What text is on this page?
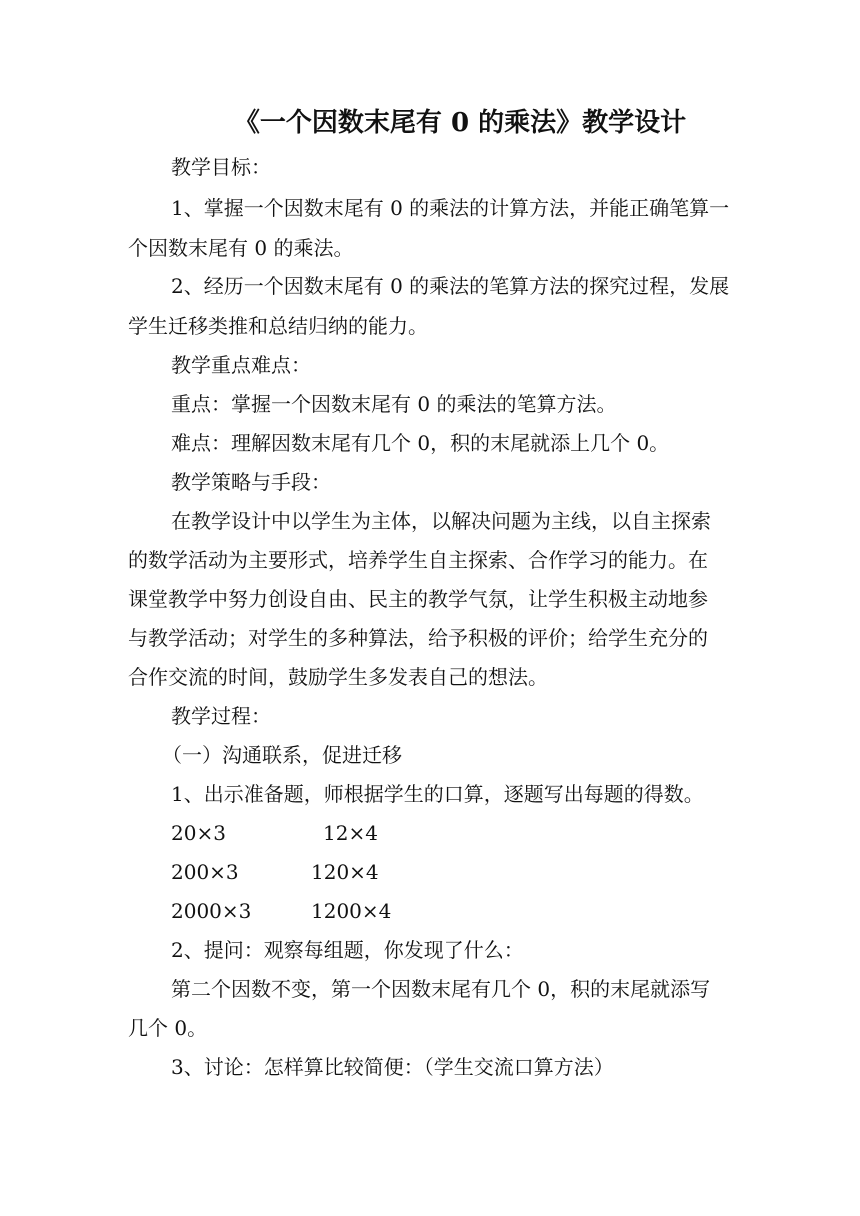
《一个因数末尾有 0 的乘法》教学设计
教学目标：
1、掌握一个因数末尾有 0 的乘法的计算方法，并能正确笔算一
个因数末尾有 0 的乘法。
2、经历一个因数末尾有 0 的乘法的笔算方法的探究过程，发展
学生迁移类推和总结归纳的能力。
教学重点难点：
重点：掌握一个因数末尾有 0 的乘法的笔算方法。
难点：理解因数末尾有几个 0，积的末尾就添上几个 0。
教学策略与手段：
在教学设计中以学生为主体，以解决问题为主线，以自主探索
的数学活动为主要形式，培养学生自主探索、合作学习的能力。在
课堂教学中努力创设自由、民主的教学气氛，让学生积极主动地参
与教学活动；对学生的多种算法，给予积极的评价；给学生充分的
合作交流的时间，鼓励学生多发表自己的想法。
教学过程：
（一）沟通联系，促进迁移
1、出示准备题，师根据学生的口算，逐题写出每题的得数。
20×3	12×4
200×3	120×4
2000×3	1200×4
2、提问：观察每组题，你发现了什么：
第二个因数不变，第一个因数末尾有几个 0，积的末尾就添写
几个 0。
3、讨论：怎样算比较简便：（学生交流口算方法）
